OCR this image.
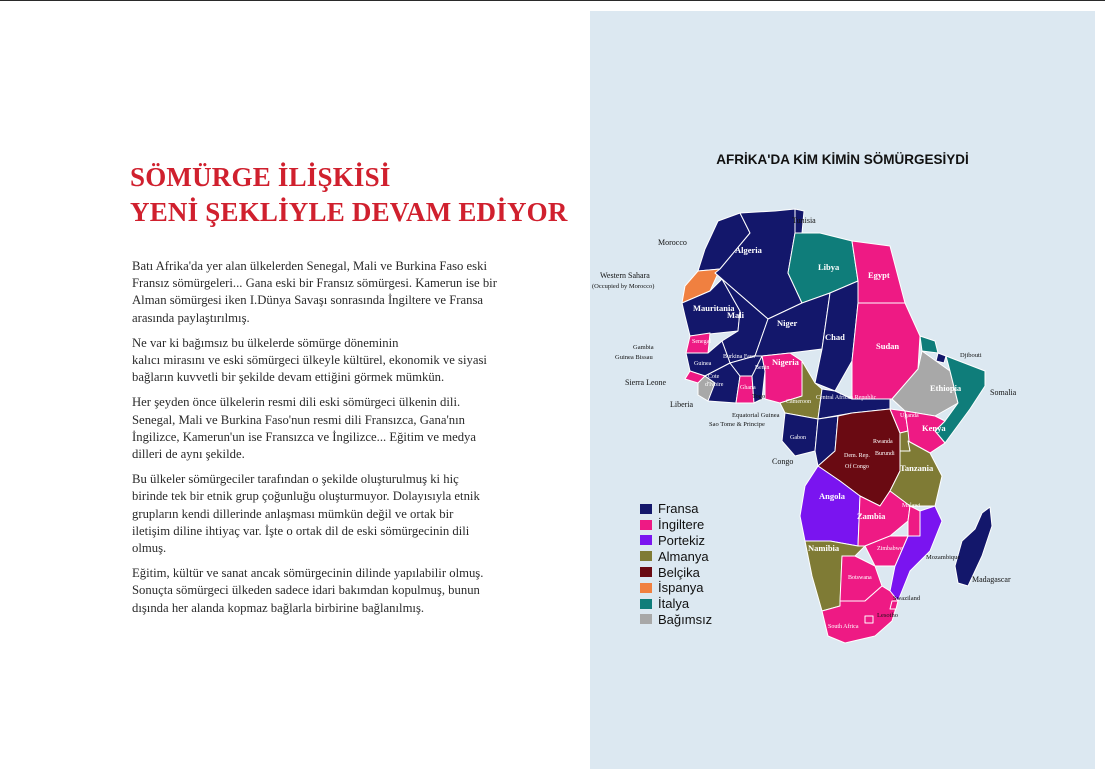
SÖMÜRGE İLİŞKİSİ
YENİ ŞEKLİYLE DEVAM EDİYOR

Batı Afrika'da yer alan ülkelerden Senegal, Mali ve Burkina Faso eski
Fransız sömürgeleri... Gana eski bir Fransız sömürgesi. Kamerun ise bir
Alman sömürgesi iken I.Dünya Savaşı sonrasında İngiltere ve Fransa
arasında paylaştırılmış.

Ne var ki bağımsız bu ülkelerde sömürge döneminin
kalıcı mirasını ve eski sömürgeci ülkeyle kültürel, ekonomik ve siyasi
bağların kuvvetli bir şekilde devam ettiğini görmek mümkün.

Her şeyden önce ülkelerin resmi dili eski sömürgeci ülkenin dili.
Senegal, Mali ve Burkina Faso'nun resmi dili Fransızca, Gana'nın
İngilizce, Kamerun'un ise Fransızca ve İngilizce... Eğitim ve medya
dilleri de aynı şekilde.

Bu ülkeler sömürgeciler tarafından o şekilde oluşturulmuş ki hiç
birinde tek bir etnik grup çoğunluğu oluşturmuyor. Dolayısıyla etnik
grupların kendi dillerinde anlaşması mümkün değil ve ortak bir
iletişim diline ihtiyaç var. İşte o ortak dil de eski sömürgecinin dili
olmuş.

Eğitim, kültür ve sanat ancak sömürgecinin dilinde yapılabilir olmuş.
Sonuçta sömürgeci ülkeden sadece idari bakımdan kopulmuş, bunun
dışında her alanda kopmaz bağlarla birbirine bağlanılmış.

AFRİKA'DA KİM KİMİN SÖMÜRGESİYDİ
Tunisia
Morocco
Algeria
Libya
Egypt
Western Sahara
(Occupied by Morocco)
Mauritania
Mali
Niger
Chad
Sudan
Senegal
Gambia
Guinea Bissau
Guinea
Burkina Faso
Sierra Leone
Cote
d'Ivoire	Ghana
Togo
Benin
Nigeria
Liberia	Cameroon
Central African Republic
Equatorial Guinea
Sao Tome & Principe
Gabon
Congo
Dem. Rep.
Of Congo
Ethiopia
Djibouti
Somalia
Uganda
Kenya
Rwanda
Burundi
Tanzania
Angola
Zambia
Malawi
Mozambique
Zimbabwe
Namibia
Botswana
Swaziland
Lesotho
South Africa
Madagascar
Fransa
İngiltere
Portekiz
Almanya
Belçika
İspanya
İtalya
Bağımsız
